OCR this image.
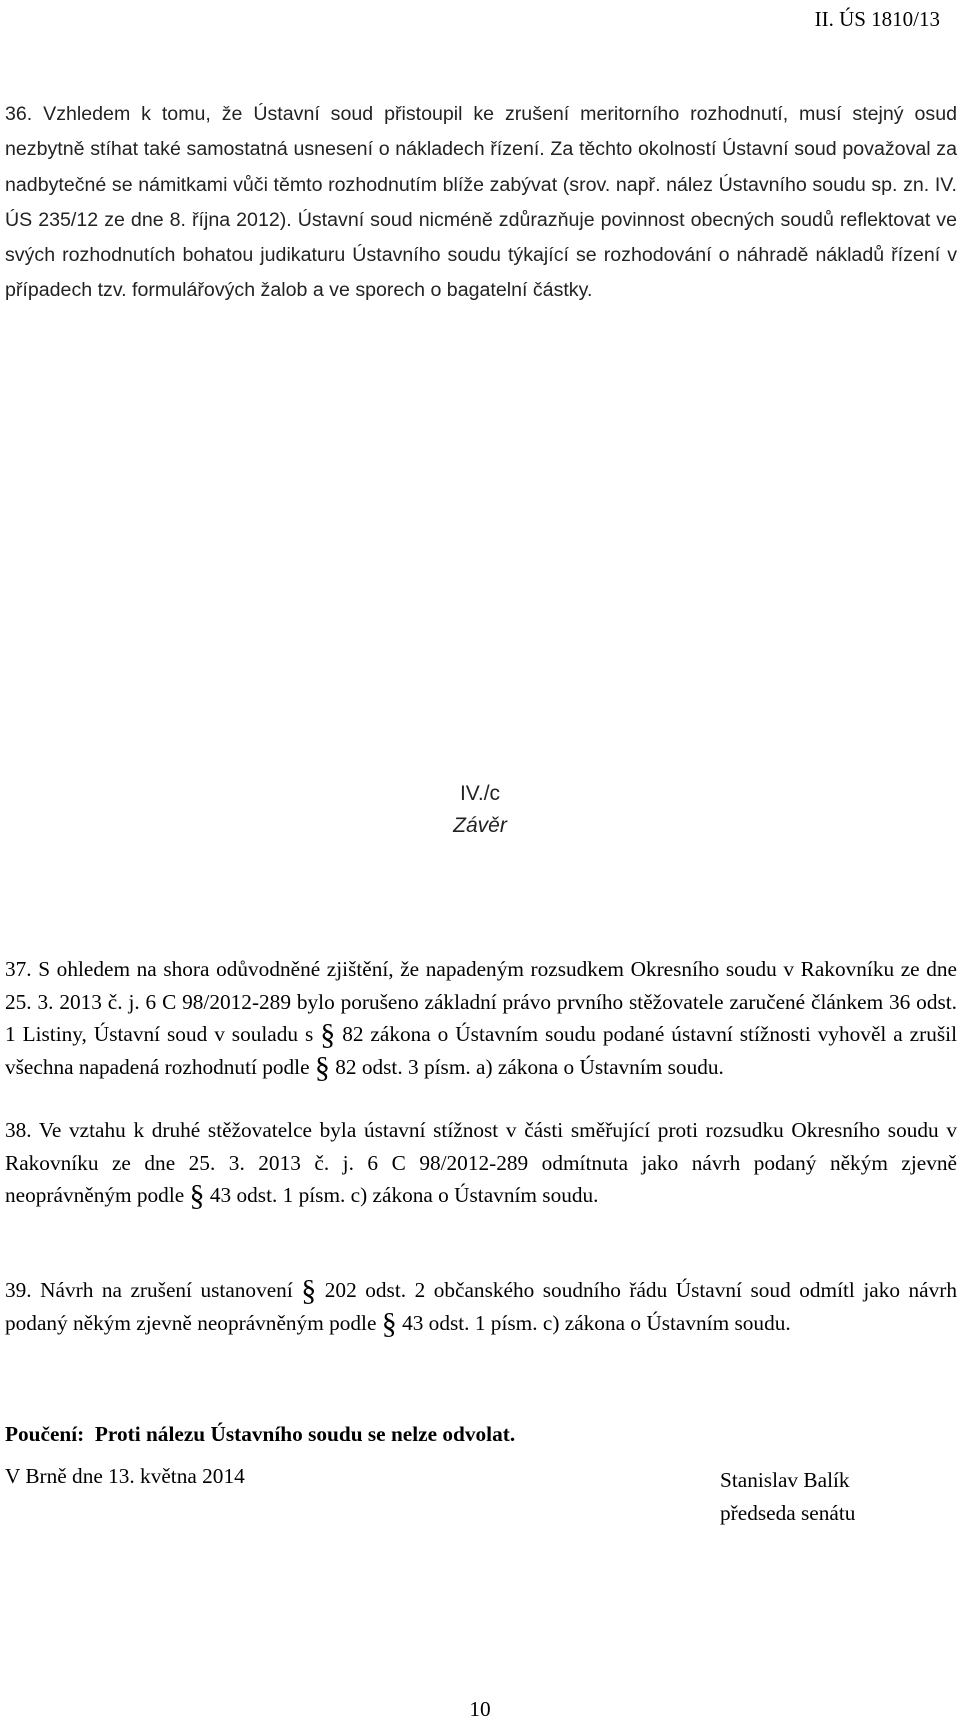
II. ÚS 1810/13

36. Vzhledem k tomu, že Ústavní soud přistoupil ke zrušení meritorního rozhodnutí, musí stejný osud nezbytně stíhat také samostatná usnesení o nákladech řízení. Za těchto okolností Ústavní soud považoval za nadbytečné se námitkami vůči těmto rozhodnutím blíže zabývat (srov. např. nález Ústavního soudu sp. zn. IV. ÚS 235/12 ze dne 8. října 2012). Ústavní soud nicméně zdůrazňuje povinnost obecných soudů reflektovat ve svých rozhodnutích bohatou judikaturu Ústavního soudu týkající se rozhodování o náhradě nákladů řízení v případech tzv. formulářových žalob a ve sporech o bagatelní částky.

IV./c
Závěr

37. S ohledem na shora odůvodněné zjištění, že napadeným rozsudkem Okresního soudu v Rakovníku ze dne 25. 3. 2013 č. j. 6 C 98/2012-289 bylo porušeno základní právo prvního stěžovatele zaručené článkem 36 odst. 1 Listiny, Ústavní soud v souladu s § 82 zákona o Ústavním soudu podané ústavní stížnosti vyhověl a zrušil všechna napadená rozhodnutí podle § 82 odst. 3 písm. a) zákona o Ústavním soudu.

38. Ve vztahu k druhé stěžovatelce byla ústavní stížnost v části směřující proti rozsudku Okresního soudu v Rakovníku ze dne 25. 3. 2013 č. j. 6 C 98/2012-289 odmítnuta jako návrh podaný někým zjevně neoprávněným podle § 43 odst. 1 písm. c) zákona o Ústavním soudu.

39. Návrh na zrušení ustanovení § 202 odst. 2 občanského soudního řádu Ústavní soud odmítl jako návrh podaný někým zjevně neoprávněným podle § 43 odst. 1 písm. c) zákona o Ústavním soudu.

Poučení:  Proti nálezu Ústavního soudu se nelze odvolat.
V Brně dne 13. května 2014	Stanislav Balík
předseda senátu
10
